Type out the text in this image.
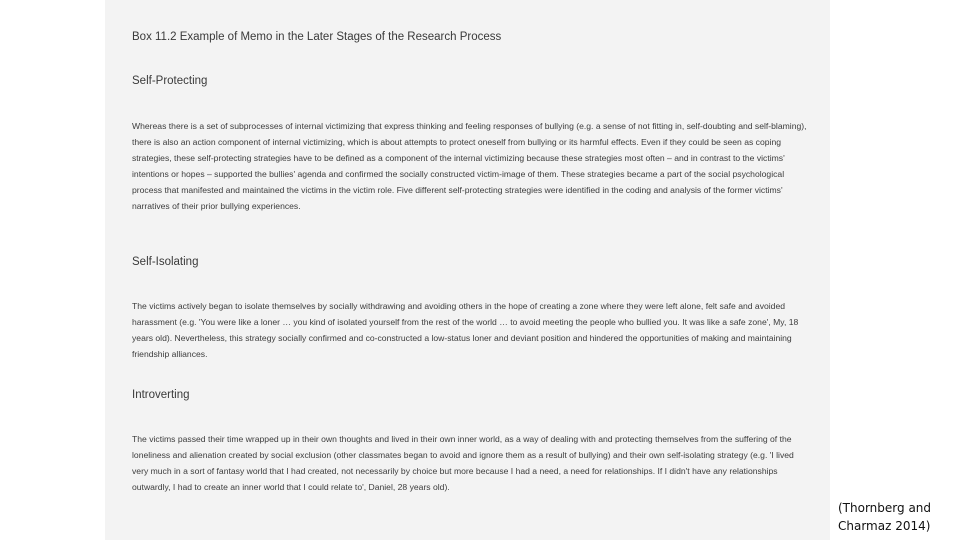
Box 11.2 Example of Memo in the Later Stages of the Research Process
Self-Protecting

Whereas there is a set of subprocesses of internal victimizing that express thinking and feeling responses of bullying (e.g. a sense of not fitting in, self-doubting and self-blaming), there is also an action component of internal victimizing, which is about attempts to protect oneself from bullying or its harmful effects. Even if they could be seen as coping strategies, these self-protecting strategies have to be defined as a component of the internal victimizing because these strategies most often – and in contrast to the victims' intentions or hopes – supported the bullies' agenda and confirmed the socially constructed victim-image of them. These strategies became a part of the social psychological process that manifested and maintained the victims in the victim role. Five different self-protecting strategies were identified in the coding and analysis of the former victims' narratives of their prior bullying experiences.

Self-Isolating

The victims actively began to isolate themselves by socially withdrawing and avoiding others in the hope of creating a zone where they were left alone, felt safe and avoided harassment (e.g. 'You were like a loner … you kind of isolated yourself from the rest of the world … to avoid meeting the people who bullied you. It was like a safe zone', My, 18 years old). Nevertheless, this strategy socially confirmed and co-constructed a low-status loner and deviant position and hindered the opportunities of making and maintaining friendship alliances.

Introverting

The victims passed their time wrapped up in their own thoughts and lived in their own inner world, as a way of dealing with and protecting themselves from the suffering of the loneliness and alienation created by social exclusion (other classmates began to avoid and ignore them as a result of bullying) and their own self-isolating strategy (e.g. 'I lived very much in a sort of fantasy world that I had created, not necessarily by choice but more because I had a need, a need for relationships. If I didn't have any relationships outwardly, I had to create an inner world that I could relate to', Daniel, 28 years old).

(Thornberg and Charmaz 2014)
